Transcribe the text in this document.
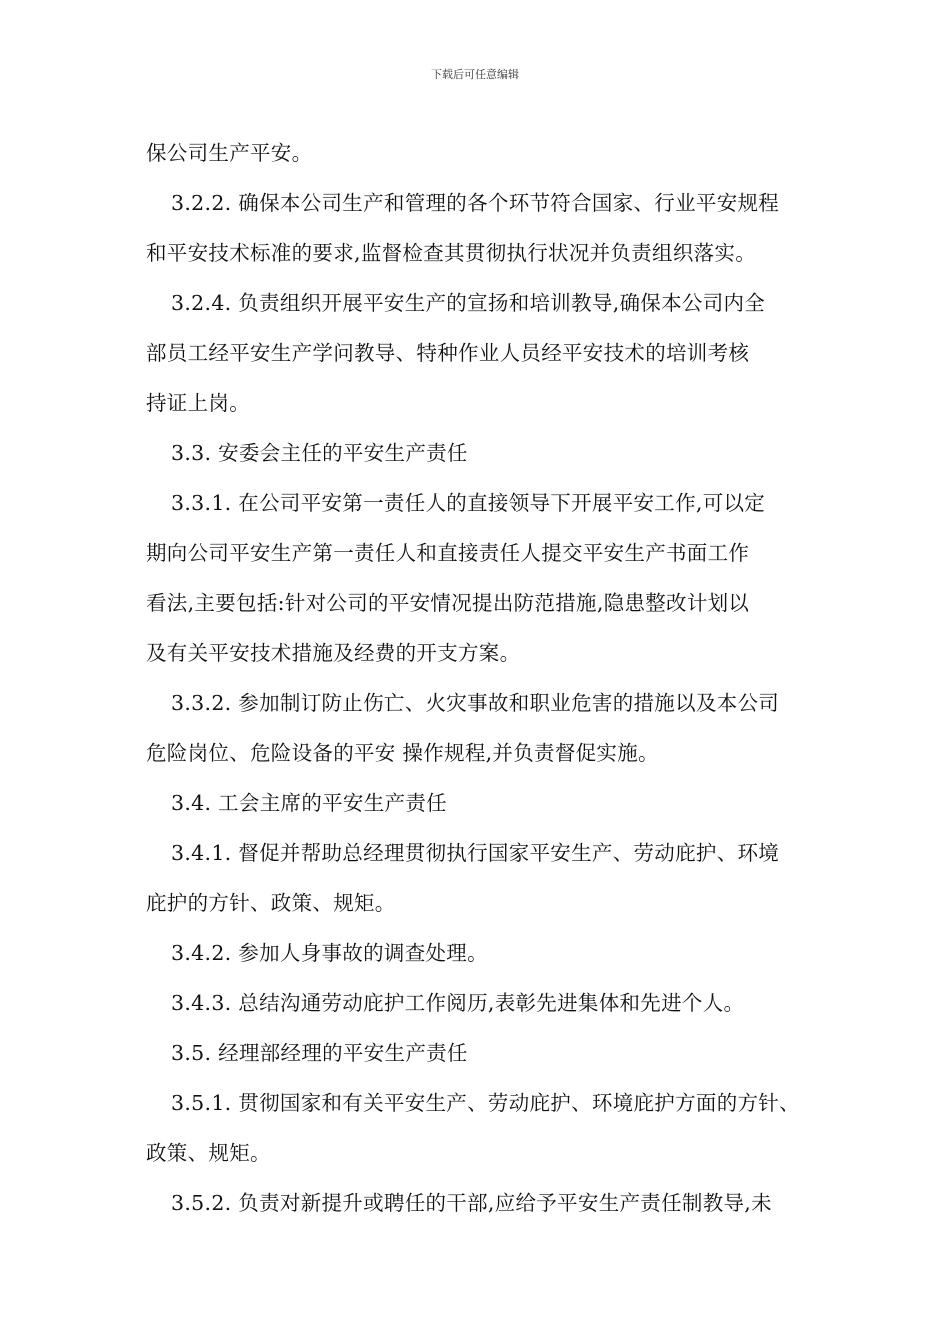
下载后可任意编辑
保公司生产平安。
3.2.2. 确保本公司生产和管理的各个环节符合国家、行业平安规程
和平安技术标准的要求,监督检查其贯彻执行状况并负责组织落实。
3.2.4. 负责组织开展平安生产的宣扬和培训教导,确保本公司内全
部员工经平安生产学问教导、特种作业人员经平安技术的培训考核
持证上岗。
3.3. 安委会主任的平安生产责任
3.3.1. 在公司平安第一责任人的直接领导下开展平安工作,可以定
期向公司平安生产第一责任人和直接责任人提交平安生产书面工作
看法,主要包括:针对公司的平安情况提出防范措施,隐患整改计划以
及有关平安技术措施及经费的开支方案。
3.3.2. 参加制订防止伤亡、火灾事故和职业危害的措施以及本公司
危险岗位、危险设备的平安 操作规程,并负责督促实施。
3.4. 工会主席的平安生产责任
3.4.1. 督促并帮助总经理贯彻执行国家平安生产、劳动庇护、环境
庇护的方针、政策、规矩。
3.4.2. 参加人身事故的调查处理。
3.4.3. 总结沟通劳动庇护工作阅历,表彰先进集体和先进个人。
3.5. 经理部经理的平安生产责任
3.5.1. 贯彻国家和有关平安生产、劳动庇护、环境庇护方面的方针、
政策、规矩。
3.5.2. 负责对新提升或聘任的干部,应给予平安生产责任制教导,未
